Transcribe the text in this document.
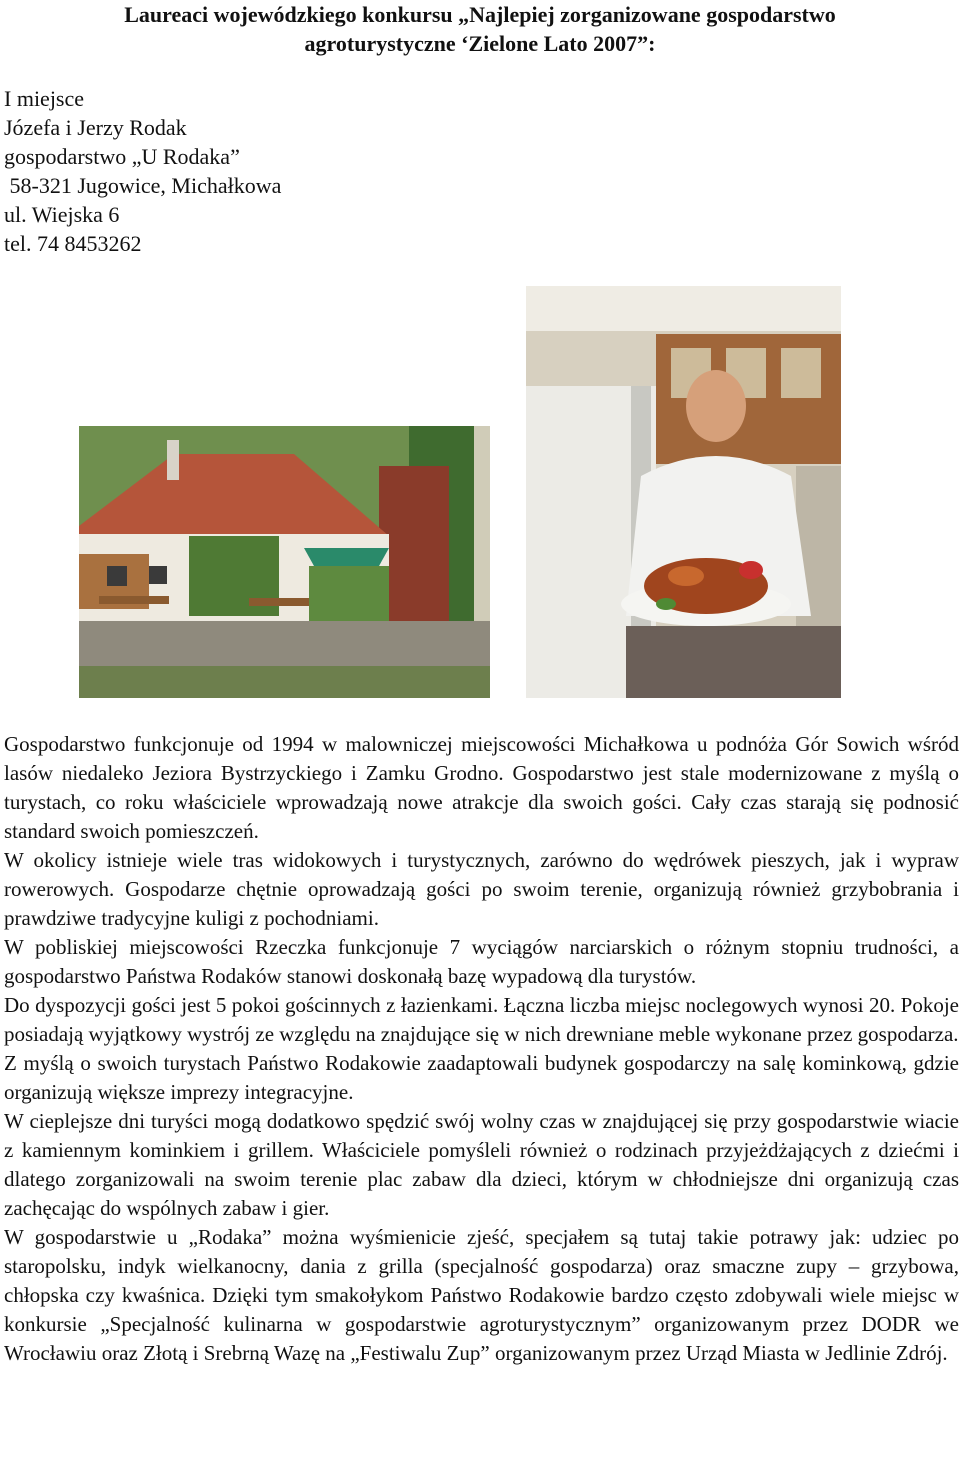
Laureaci wojewódzkiego konkursu „Najlepiej zorganizowane gospodarstwo
agroturystyczne ‘Zielone Lato 2007”:
I miejsce
Józefa i Jerzy Rodak
gospodarstwo „U Rodaka”
58-321 Jugowice, Michałkowa
ul. Wiejska 6
tel. 74 8453262

Gospodarstwo funkcjonuje od 1994 w malowniczej miejscowości Michałkowa u podnóża Gór Sowich wśród lasów niedaleko Jeziora Bystrzyckiego i Zamku Grodno. Gospodarstwo jest stale modernizowane z myślą o turystach, co roku właściciele wprowadzają nowe atrakcje dla swoich gości. Cały czas starają się podnosić standard swoich pomieszczeń.

W okolicy istnieje wiele tras widokowych i turystycznych, zarówno do wędrówek pieszych, jak i wypraw rowerowych. Gospodarze chętnie oprowadzają gości po swoim terenie, organizują również grzybobrania i prawdziwe tradycyjne kuligi z pochodniami.

W pobliskiej miejscowości Rzeczka funkcjonuje 7 wyciągów narciarskich o różnym stopniu trudności, a gospodarstwo Państwa Rodaków stanowi doskonałą bazę wypadową dla turystów.

Do dyspozycji gości jest 5 pokoi gościnnych z łazienkami. Łączna liczba miejsc noclegowych wynosi 20. Pokoje posiadają wyjątkowy wystrój ze względu na znajdujące się w nich drewniane meble wykonane przez gospodarza.

Z myślą o swoich turystach Państwo Rodakowie zaadaptowali budynek gospodarczy na salę kominkową, gdzie organizują większe imprezy integracyjne.

W cieplejsze dni turyści mogą dodatkowo spędzić swój wolny czas w znajdującej się przy gospodarstwie wiacie z kamiennym kominkiem i grillem. Właściciele pomyśleli również o rodzinach przyjeżdżających z dziećmi i dlatego zorganizowali na swoim terenie plac zabaw dla dzieci, którym w chłodniejsze dni organizują czas zachęcając do wspólnych zabaw i gier.

W gospodarstwie u „Rodaka” można wyśmienicie zjeść, specjałem są tutaj takie potrawy jak: udziec po staropolsku, indyk wielkanocny, dania z grilla (specjalność gospodarza) oraz smaczne zupy – grzybowa, chłopska czy kwaśnica. Dzięki tym smakołykom Państwo Rodakowie bardzo często zdobywali wiele miejsc w konkursie „Specjalność kulinarna w gospodarstwie agroturystycznym” organizowanym przez DODR we Wrocławiu oraz Złotą i Srebrną Wazę na „Festiwalu Zup” organizowanym przez Urząd Miasta w Jedlinie Zdrój.
